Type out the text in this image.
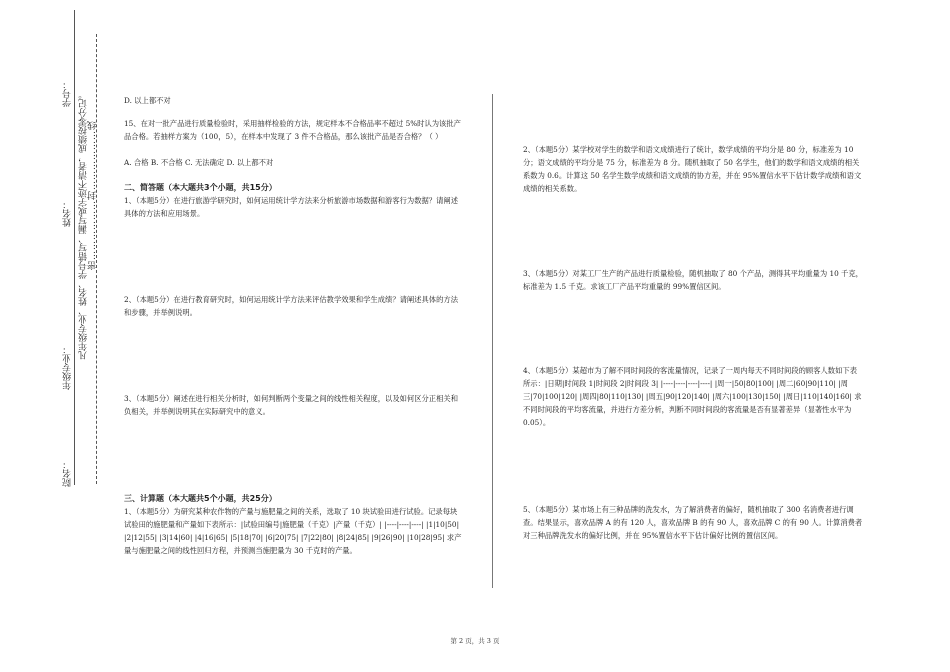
学号：
姓名：
年级专业：
院名：
凡年级专业、姓名、学号错写、漏写或字迹不清者，成绩按零分记。 密………………封………………线

D. 以上都不对

15、在对一批产品进行质量检验时，采用抽样检验的方法，规定样本不合格品率不超过 5%时认为该批产品合格。若抽样方案为（100，5），在样本中发现了 3 件不合格品，那么该批产品是否合格？（ ）

A. 合格 B. 不合格 C. 无法确定 D. 以上都不对

二、简答题（本大题共3个小题，共15分）

1、（本题5分）在进行旅游学研究时，如何运用统计学方法来分析旅游市场数据和游客行为数据？请阐述具体的方法和应用场景。

2、（本题5分）在进行教育研究时，如何运用统计学方法来评估教学效果和学生成绩？请阐述具体的方法和步骤，并举例说明。

3、（本题5分）阐述在进行相关分析时，如何判断两个变量之间的线性相关程度，以及如何区分正相关和负相关，并举例说明其在实际研究中的意义。

三、计算题（本大题共5个小题，共25分）

1、（本题5分）为研究某种农作物的产量与施肥量之间的关系，选取了 10 块试验田进行试验。记录每块试验田的施肥量和产量如下表所示：|试验田编号|施肥量（千克）|产量（千克）| |----|----|----| |1|10|50| |2|12|55| |3|14|60| |4|16|65| |5|18|70| |6|20|75| |7|22|80| |8|24|85| |9|26|90| |10|28|95| 求产量与施肥量之间的线性回归方程，并预测当施肥量为 30 千克时的产量。

2、（本题5分）某学校对学生的数学和语文成绩进行了统计，数学成绩的平均分是 80 分，标准差为 10 分；语文成绩的平均分是 75 分，标准差为 8 分。随机抽取了 50 名学生，他们的数学和语文成绩的相关系数为 0.6。计算这 50 名学生数学成绩和语文成绩的协方差，并在 95%置信水平下估计数学成绩和语文成绩的相关系数。

3、（本题5分）对某工厂生产的产品进行质量检验，随机抽取了 80 个产品，测得其平均重量为 10 千克，标准差为 1.5 千克。求该工厂产品平均重量的 99%置信区间。

4、（本题5分）某超市为了解不同时间段的客流量情况，记录了一周内每天不同时间段的顾客人数如下表所示：|日期|时间段 1|时间段 2|时间段 3| |----|----|----|----| |周一|50|80|100| |周二|60|90|110| |周三|70|100|120| |周四|80|110|130| |周五|90|120|140| |周六|100|130|150| |周日|110|140|160| 求不同时间段的平均客流量，并进行方差分析，判断不同时间段的客流量是否有显著差异（显著性水平为 0.05）。

5、（本题5分）某市场上有三种品牌的洗发水，为了解消费者的偏好，随机抽取了 300 名消费者进行调查。结果显示，喜欢品牌 A 的有 120 人，喜欢品牌 B 的有 90 人，喜欢品牌 C 的有 90 人。计算消费者对三种品牌洗发水的偏好比例，并在 95%置信水平下估计偏好比例的置信区间。

第 2 页，共 3 页
